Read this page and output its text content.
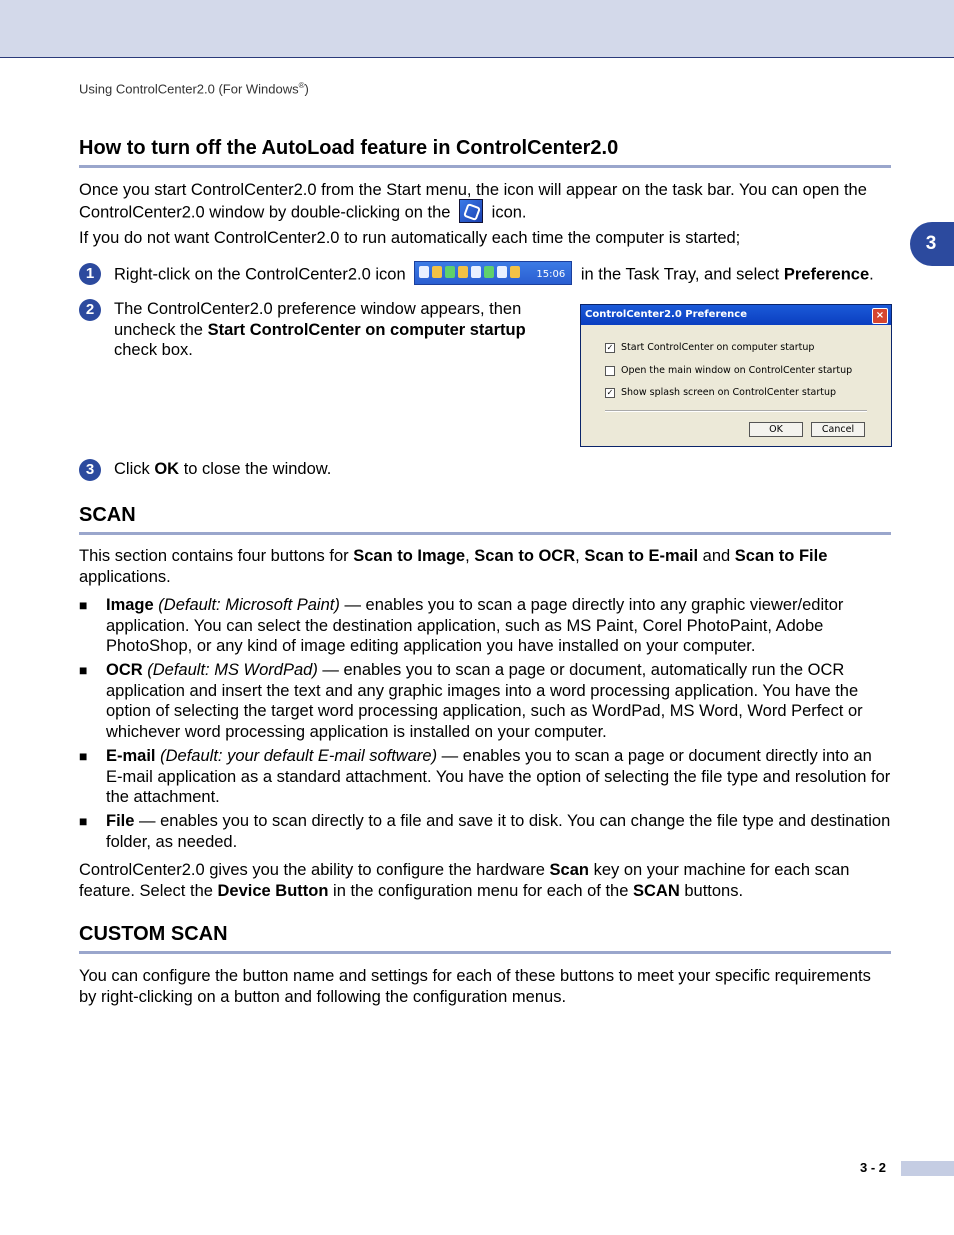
Using ControlCenter2.0 (For Windows®)
3
How to turn off the AutoLoad feature in ControlCenter2.0

Once you start ControlCenter2.0 from the Start menu, the icon will appear on the task bar. You can open the ControlCenter2.0 window by double-clicking on the icon.

If you do not want ControlCenter2.0 to run automatically each time the computer is started;

1	Right-click on the ControlCenter2.0 icon	15:06 in the Task Tray, and select Preference.
2	The ControlCenter2.0 preference window appears, then uncheck the Start ControlCenter on computer startup check box.
ControlCenter2.0 Preference	×
✓ Start ControlCenter on computer startup
Open the main window on ControlCenter startup
✓ Show splash screen on ControlCenter startup
OK	Cancel
3	Click OK to close the window.
SCAN

This section contains four buttons for Scan to Image, Scan to OCR, Scan to E-mail and Scan to File applications.

■ Image (Default: Microsoft Paint) — enables you to scan a page directly into any graphic viewer/editor application. You can select the destination application, such as MS Paint, Corel PhotoPaint, Adobe PhotoShop, or any kind of image editing application you have installed on your computer.
■ OCR (Default: MS WordPad) — enables you to scan a page or document, automatically run the OCR application and insert the text and any graphic images into a word processing application. You have the option of selecting the target word processing application, such as WordPad, MS Word, Word Perfect or whichever word processing application is installed on your computer.
■ E-mail (Default: your default E-mail software) — enables you to scan a page or document directly into an E-mail application as a standard attachment. You have the option of selecting the file type and resolution for the attachment.
■ File — enables you to scan directly to a file and save it to disk. You can change the file type and destination folder, as needed.

ControlCenter2.0 gives you the ability to configure the hardware Scan key on your machine for each scan feature. Select the Device Button in the configuration menu for each of the SCAN buttons.

CUSTOM SCAN

You can configure the button name and settings for each of these buttons to meet your specific requirements by right-clicking on a button and following the configuration menus.

3 - 2
